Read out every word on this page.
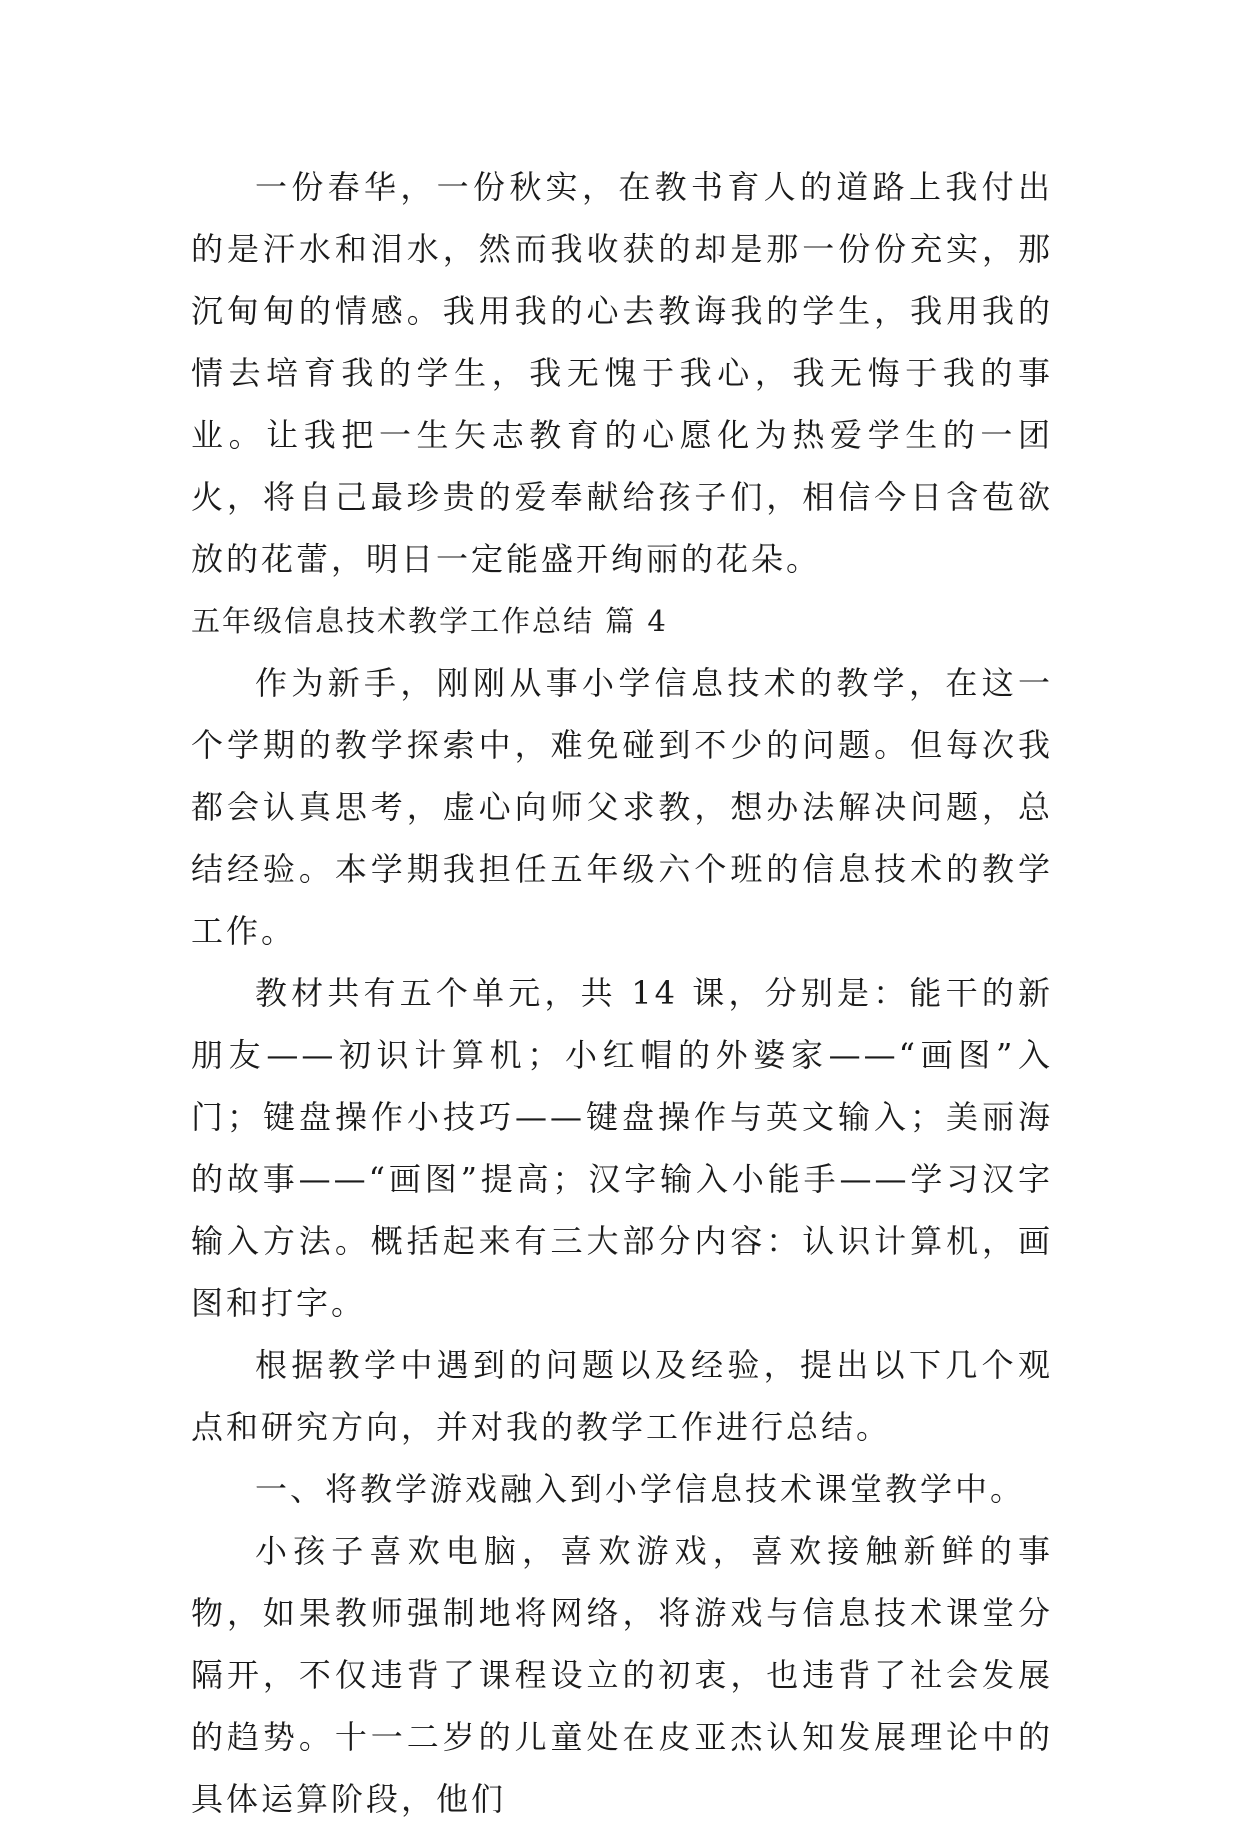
一份春华，一份秋实，在教书育人的道路上我付出的是汗水和泪水，然而我收获的却是那一份份充实，那沉甸甸的情感。我用我的心去教诲我的学生，我用我的情去培育我的学生，我无愧于我心，我无悔于我的事业。让我把一生矢志教育的心愿化为热爱学生的一团火，将自己最珍贵的爱奉献给孩子们，相信今日含苞欲放的花蕾，明日一定能盛开绚丽的花朵。

五年级信息技术教学工作总结 篇 4

作为新手，刚刚从事小学信息技术的教学，在这一个学期的教学探索中，难免碰到不少的问题。但每次我都会认真思考，虚心向师父求教，想办法解决问题，总结经验。本学期我担任五年级六个班的信息技术的教学工作。

教材共有五个单元，共 14 课，分别是：能干的新朋友——初识计算机；小红帽的外婆家——“画图”入门；键盘操作小技巧——键盘操作与英文输入；美丽海的故事——“画图”提高；汉字输入小能手——学习汉字输入方法。概括起来有三大部分内容：认识计算机，画图和打字。

根据教学中遇到的问题以及经验，提出以下几个观点和研究方向，并对我的教学工作进行总结。

一、将教学游戏融入到小学信息技术课堂教学中。

小孩子喜欢电脑，喜欢游戏，喜欢接触新鲜的事物，如果教师强制地将网络，将游戏与信息技术课堂分隔开，不仅违背了课程设立的初衷，也违背了社会发展的趋势。十一二岁的儿童处在皮亚杰认知发展理论中的具体运算阶段，他们
